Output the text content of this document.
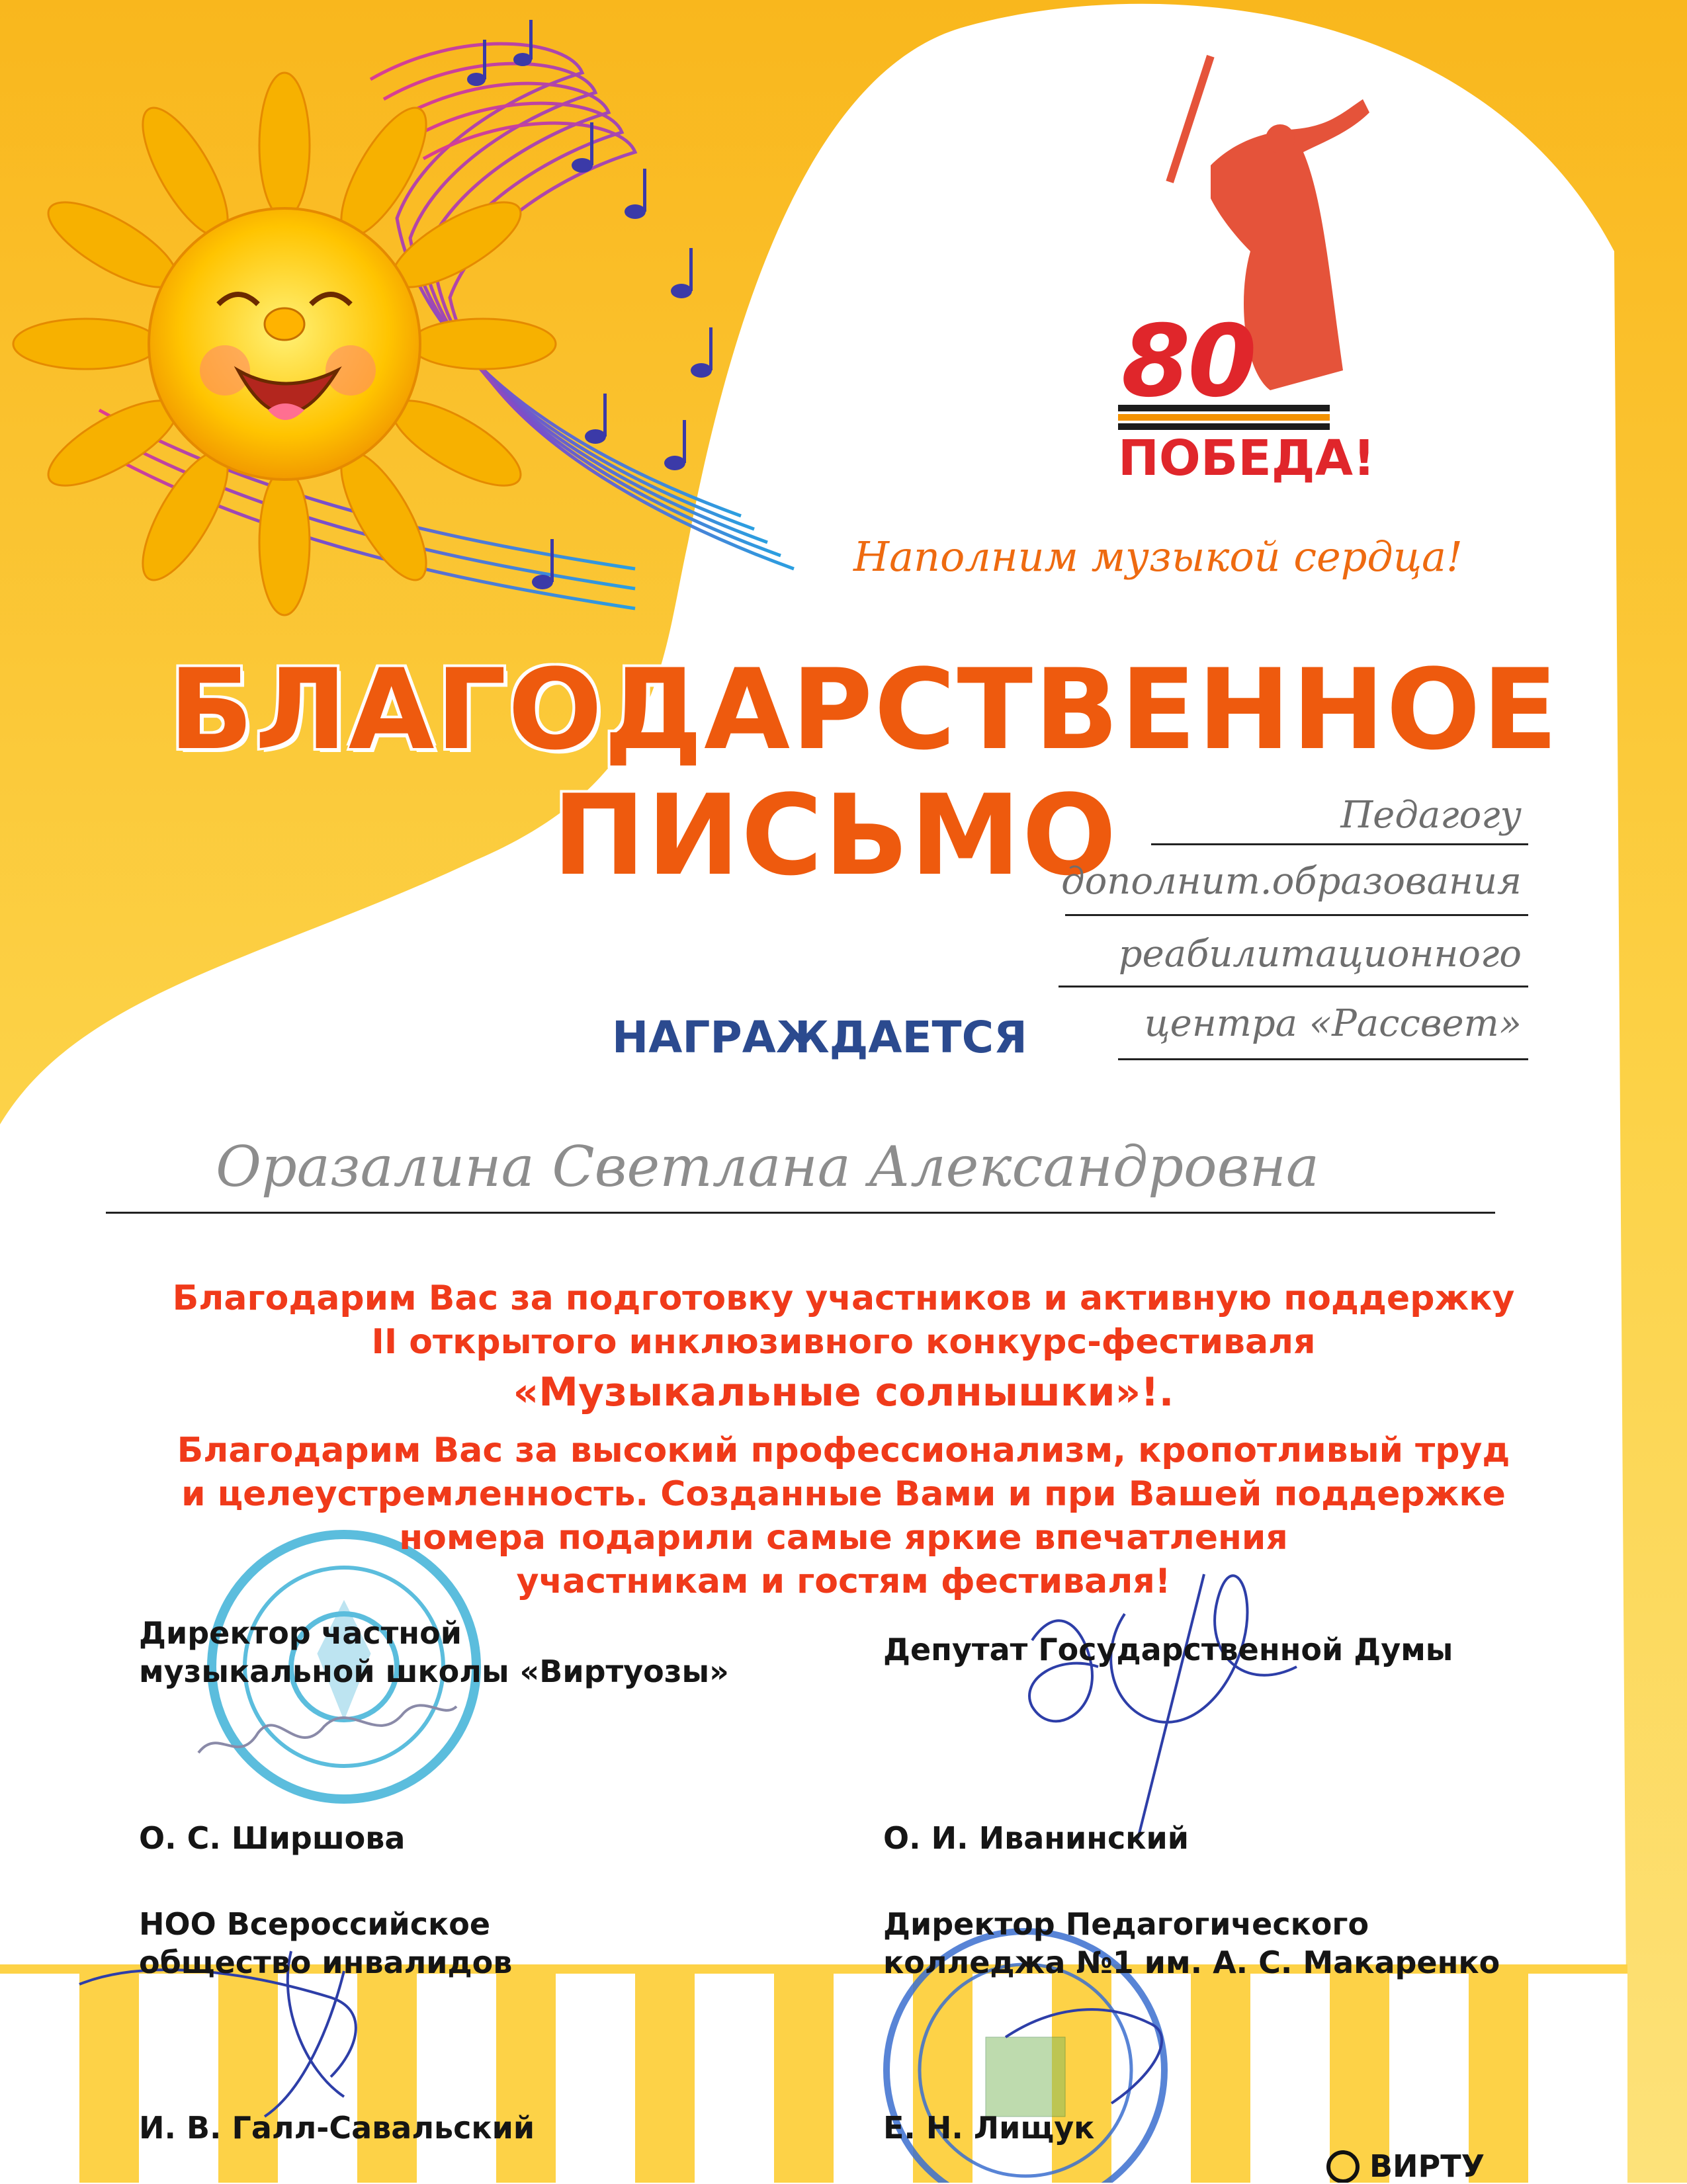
80
ПОБЕДА!
Наполним музыкой сердца!
БЛАГОДАРСТВЕННОЕ
ПИСЬМО	Педагогу
дополнит.образования
реабилитационного
центра «Рассвет»
НАГРАЖДАЕТСЯ
Оразалина Светлана Александровна
Благодарим Вас за подготовку участников и активную поддержку
II открытого инклюзивного конкурс-фестиваля
«Музыкальные солнышки»!.
Благодарим Вас за высокий профессионализм, кропотливый труд
и целеустремленность. Созданные Вами и при Вашей поддержке
номера подарили самые яркие впечатления
участникам и гостям фестиваля!
Директор частной
музыкальной школы «Виртуозы»
О. С. Ширшова
Депутат Государственной Думы
О. И. Иванинский
НОО Всероссийское
общество инвалидов
И. В. Галл-Савальский
Директор Педагогического
колледжа №1 им. А. С. Макаренко
Е. Н. Лищук
ВИРТУ
